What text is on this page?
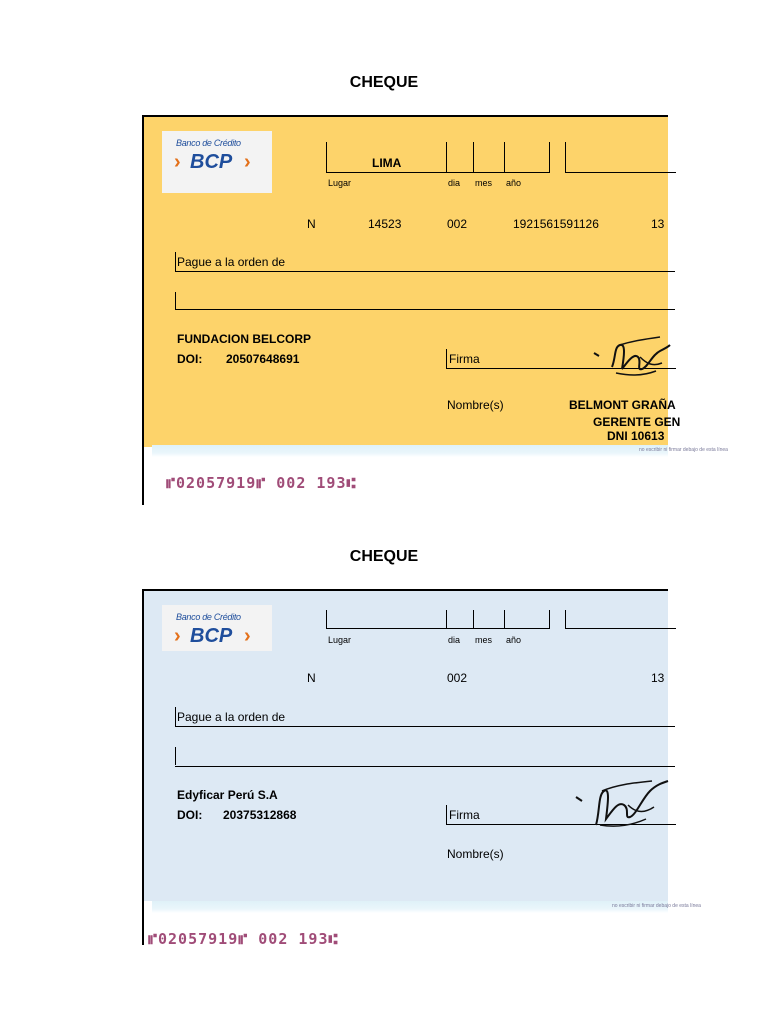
CHEQUE
Banco de Crédito
› BCP ›	LIMA
Lugar	dia mes año
N	14523	002	1921561591126	13
Pague a la orden de
FUNDACION BELCORP
DOI: 20507648691	Firma
Nombre(s)	BELMONT GRAÑA
GERENTE GEN
DNI 10613
no escribir ni firmar debajo de esta línea
⑈02057919⑈ 002 193⑆
CHEQUE
Banco de Crédito
› BCP ›	Lugar	dia mes año
N	002	13
Pague a la orden de
Edyficar Perú S.A
DOI: 20375312868	Firma
Nombre(s)
no escribir ni firmar debajo de esta línea
⑈02057919⑈ 002 193⑆
